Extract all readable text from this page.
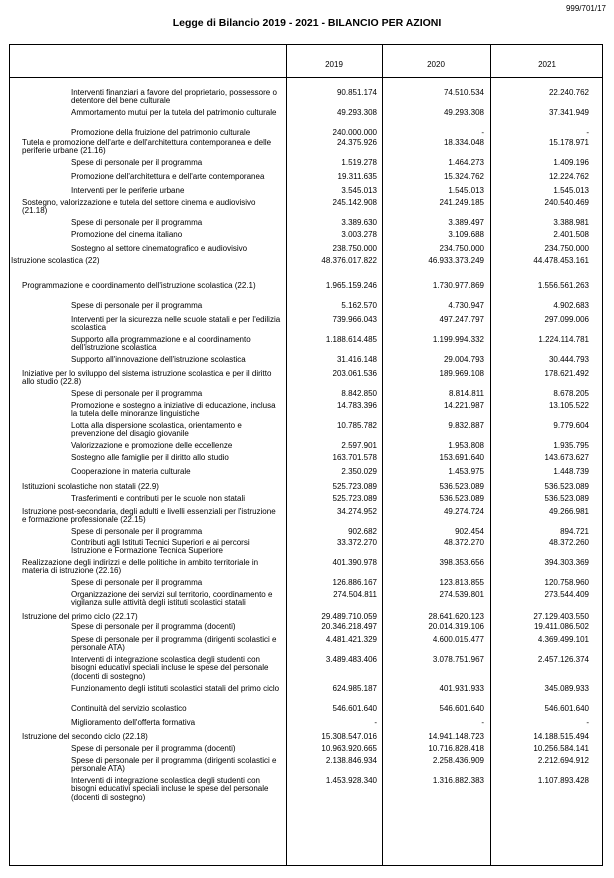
999/701/17
Legge di Bilancio 2019 - 2021 - BILANCIO PER AZIONI
2019	2020	2021
Interventi finanziari a favore del proprietario, possessore o detentore del bene culturale
90.851.174	74.510.534	22.240.762
Ammortamento mutui per la tutela del patrimonio culturale	49.293.308	49.293.308	37.341.949
Promozione della fruizione del patrimonio culturale	240.000.000	-	-
Tutela e promozione dell'arte e dell'architettura contemporanea e delle periferie urbane (21.16)
24.375.926	18.334.048	15.178.971
Spese di personale per il programma	1.519.278	1.464.273	1.409.196
Promozione dell'architettura e dell'arte contemporanea	19.311.635	15.324.762	12.224.762
Interventi per le periferie urbane	3.545.013	1.545.013	1.545.013
Sostegno, valorizzazione e tutela del settore cinema e audiovisivo (21.18)
245.142.908	241.249.185	240.540.469
Spese di personale per il programma	3.389.630	3.389.497	3.388.981
Promozione del cinema italiano	3.003.278	3.109.688	2.401.508
Sostegno al settore cinematografico e audiovisivo	238.750.000	234.750.000	234.750.000
Istruzione scolastica (22)	48.376.017.822	46.933.373.249	44.478.453.161
Programmazione e coordinamento dell'istruzione scolastica (22.1)	1.965.159.246	1.730.977.869	1.556.561.263
Spese di personale per il programma	5.162.570	4.730.947	4.902.683
Interventi per la sicurezza nelle scuole statali e per l'edilizia scolastica
739.966.043	497.247.797	297.099.006
Supporto alla programmazione e al coordinamento dell'istruzione scolastica
1.188.614.485	1.199.994.332	1.224.114.781
Supporto all'innovazione dell'istruzione scolastica	31.416.148	29.004.793	30.444.793
Iniziative per lo sviluppo del sistema istruzione scolastica e per il diritto allo studio (22.8)
203.061.536	189.969.108	178.621.492
Spese di personale per il programma	8.842.850	8.814.811	8.678.205
Promozione e sostegno a iniziative di educazione, inclusa la tutela delle minoranze linguistiche
14.783.396	14.221.987	13.105.522
Lotta alla dispersione scolastica, orientamento e prevenzione del disagio giovanile
10.785.782	9.832.887	9.779.604
Valorizzazione e promozione delle eccellenze	2.597.901	1.953.808	1.935.795
Sostegno alle famiglie per il diritto allo studio	163.701.578	153.691.640	143.673.627
Cooperazione in materia culturale	2.350.029	1.453.975	1.448.739
Istituzioni scolastiche non statali (22.9)	525.723.089	536.523.089	536.523.089
Trasferimenti e contributi per le scuole non statali	525.723.089	536.523.089	536.523.089
Istruzione post-secondaria, degli adulti e livelli essenziali per l'istruzione e formazione professionale (22.15)
34.274.952	49.274.724	49.266.981
Spese di personale per il programma	902.682	902.454	894.721
Contributi agli Istituti Tecnici Superiori e ai percorsi Istruzione e Formazione Tecnica Superiore
33.372.270	48.372.270	48.372.260
Realizzazione degli indirizzi e delle politiche in ambito territoriale in materia di istruzione (22.16)
401.390.978	398.353.656	394.303.369
Spese di personale per il programma	126.886.167	123.813.855	120.758.960
Organizzazione dei servizi sul territorio, coordinamento e vigilanza sulle attività degli istituti scolastici statali
274.504.811	274.539.801	273.544.409
Istruzione del primo ciclo (22.17)	29.489.710.059	28.641.620.123	27.129.403.550
Spese di personale per il programma (docenti)	20.346.218.497	20.014.319.106	19.411.086.502
Spese di personale per il programma (dirigenti scolastici e personale ATA)
4.481.421.329	4.600.015.477	4.369.499.101
Interventi di integrazione scolastica degli studenti con bisogni educativi speciali incluse le spese del personale (docenti di sostegno)
3.489.483.406	3.078.751.967	2.457.126.374
Funzionamento degli istituti scolastici statali del primo ciclo	624.985.187	401.931.933	345.089.933
Continuità del servizio scolastico	546.601.640	546.601.640	546.601.640
Miglioramento dell'offerta formativa	-	-	-
Istruzione del secondo ciclo (22.18)	15.308.547.016	14.941.148.723	14.188.515.494
Spese di personale per il programma (docenti)	10.963.920.665	10.716.828.418	10.256.584.141
Spese di personale per il programma (dirigenti scolastici e personale ATA)
2.138.846.934	2.258.436.909	2.212.694.912
Interventi di integrazione scolastica degli studenti con bisogni educativi speciali incluse le spese del personale (docenti di sostegno)
1.453.928.340	1.316.882.383	1.107.893.428
